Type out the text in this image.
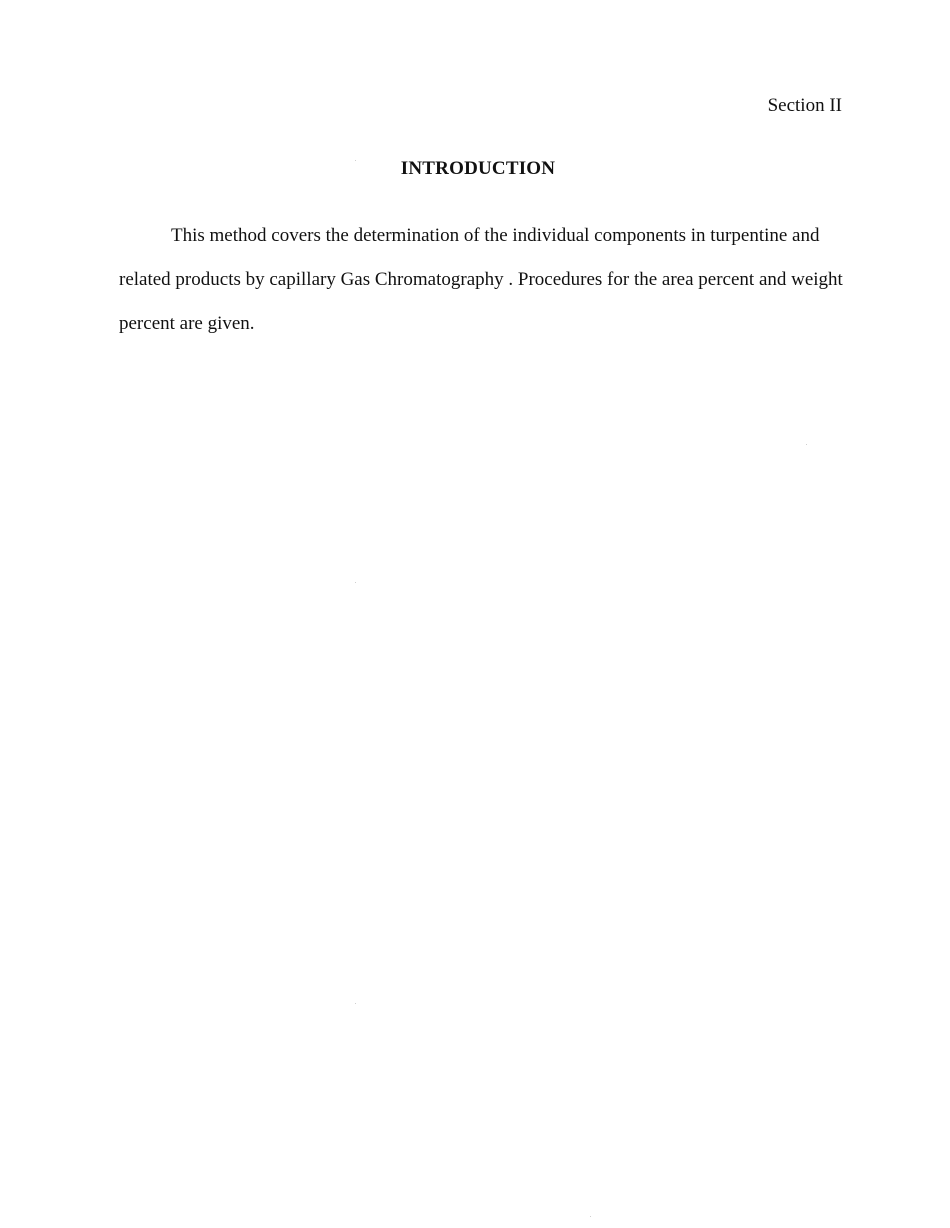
Section II
INTRODUCTION
This method covers the determination of the individual components in turpentine and
related products by capillary Gas Chromatography . Procedures for the area percent and weight
percent are given.
